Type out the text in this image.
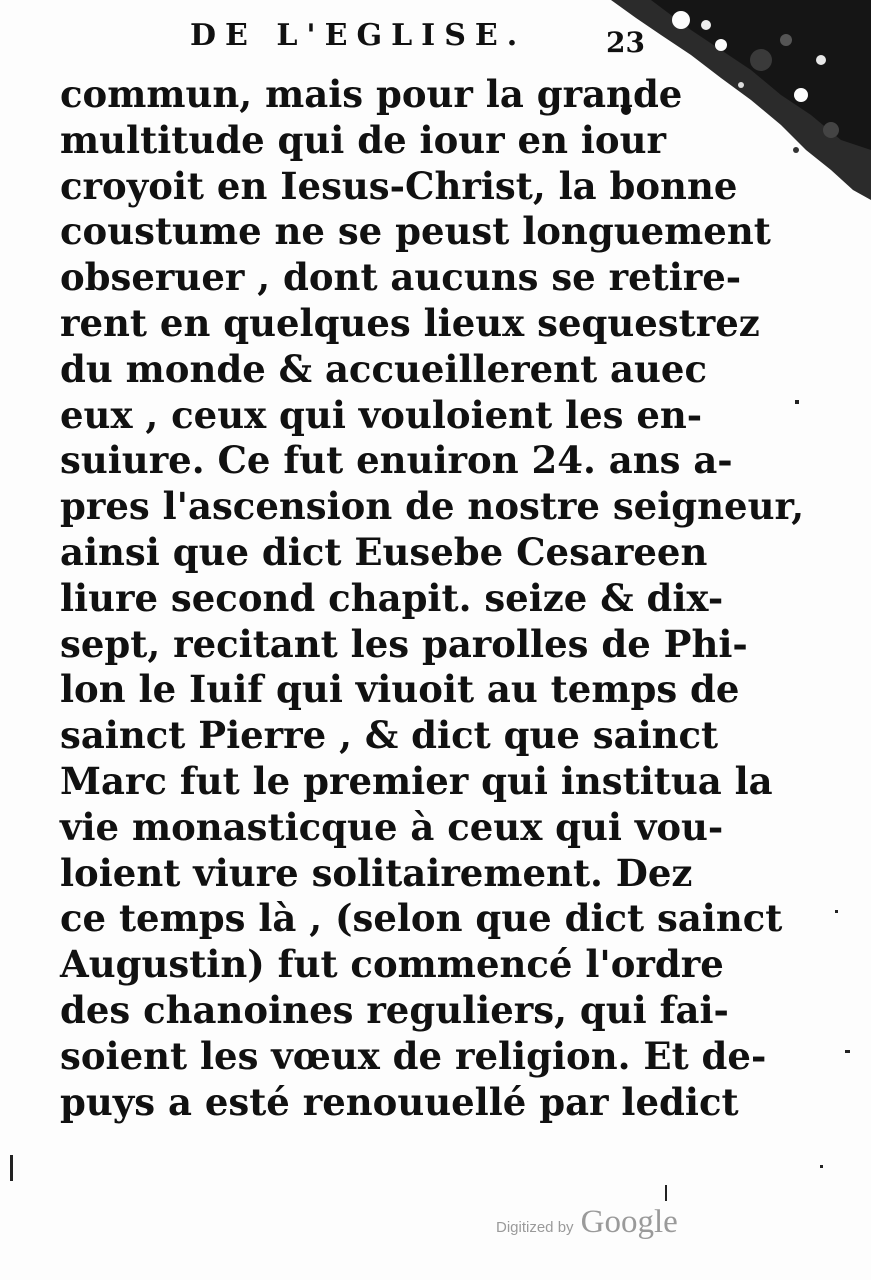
DE L'EGLISE.	23
commun, mais pour la grande
multitude qui de iour en iour
croyoit en Iesus-Christ, la bonne
coustume ne se peust longuement
obseruer , dont aucuns se retire-
rent en quelques lieux sequestrez
du monde & accueillerent auec
eux , ceux qui vouloient les en-
suiure. Ce fut enuiron 24. ans a-
pres l'ascension de nostre seigneur,
ainsi que dict Eusebe Cesareen
liure second chapit. seize & dix-
sept, recitant les parolles de Phi-
lon le Iuif qui viuoit au temps de
sainct Pierre , & dict que sainct
Marc fut le premier qui institua la
vie monasticque à ceux qui vou-
loient viure solitairement. Dez
ce temps là , (selon que dict sainct
Augustin) fut commencé l'ordre
des chanoines reguliers, qui fai-
soient les vœux de religion. Et de-
puys a esté renouuellé par ledict
Digitized by Google
